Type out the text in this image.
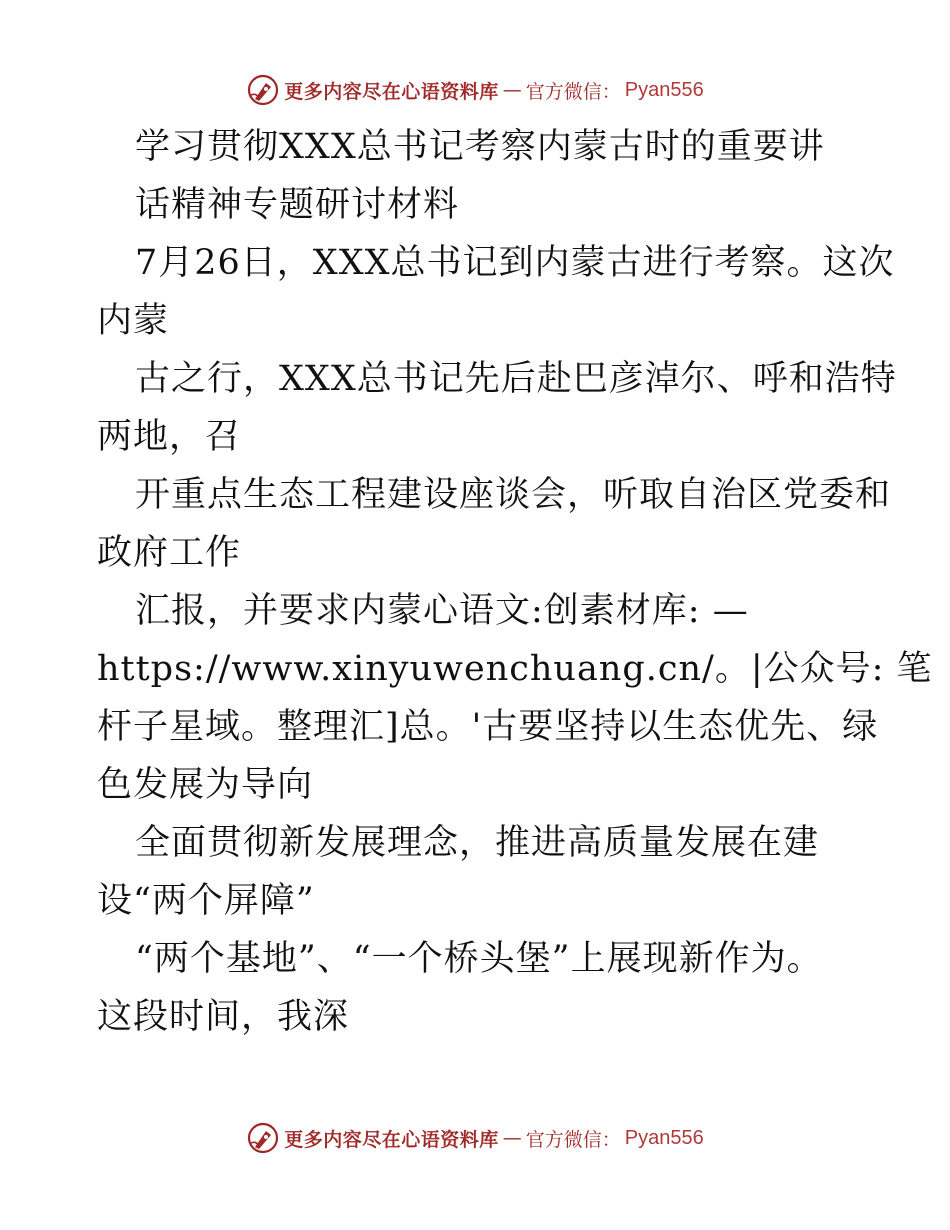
更多内容尽在心语资料库 — 官方微信： Pyan556
学习贯彻XXX总书记考察内蒙古时的重要讲
话精神专题研讨材料
7月26日，XXX总书记到内蒙古进行考察。这次
内蒙
古之行，XXX总书记先后赴巴彦淖尔、呼和浩特
两地，召
开重点生态工程建设座谈会，听取自治区党委和
政府工作
汇报，并要求内蒙心语文:创素材库: —
https://www.xinyuwenchuang.cn/。|公众号: 笔
杆子星域。整理汇]总。'古要坚持以生态优先、绿
色发展为导向
全面贯彻新发展理念，推进高质量发展在建
设“两个屏障”
“两个基地”、“一个桥头堡”上展现新作为。
这段时间，我深
更多内容尽在心语资料库 — 官方微信： Pyan556
